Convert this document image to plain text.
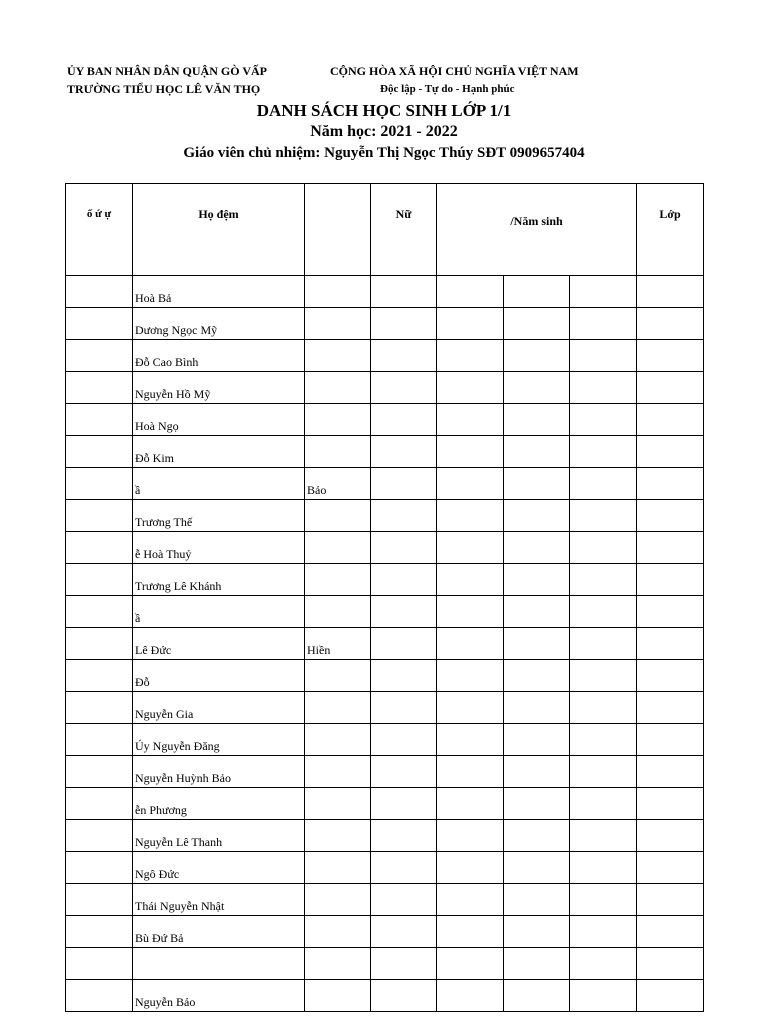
ỦY BAN NHÂN DÂN QUẬN GÒ VẤP
TRƯỜNG TIỂU HỌC LÊ VĂN THỌ
CỘNG HÒA XÃ HỘI CHỦ NGHĨA VIỆT NAM
Độc lập - Tự do - Hạnh phúc
DANH SÁCH HỌC SINH LỚP 1/1
Năm học: 2021 - 2022
Giáo viên chủ nhiệm: Nguyễn Thị Ngọc Thúy SĐT 0909657404
ố ứ ự	Họ đệm		Nữ	/Năm sinh			Lớp
	Hoà Bả						
	Dương Ngọc Mỹ						
	Đỗ Cao Bình						
	Nguyễn Hồ Mỹ						
	Hoà Ngọ						
	Đỗ Kim						
	ầ	Bảo					
	Trương Thế						
	ễ Hoà Thuỷ						
	Trương Lê Khánh						
	ầ						
	Lê Đức	Hiền					
	Đỗ						
	Nguyễn Gia						
	Úy Nguyễn Đăng						
	Nguyễn Huỳnh Bảo						
	ễn Phương						
	Nguyễn Lê Thanh						
	Ngô Đức						
	Thái Nguyễn Nhật						
	Bù Đứ Bả						

	Nguyễn Bảo						
